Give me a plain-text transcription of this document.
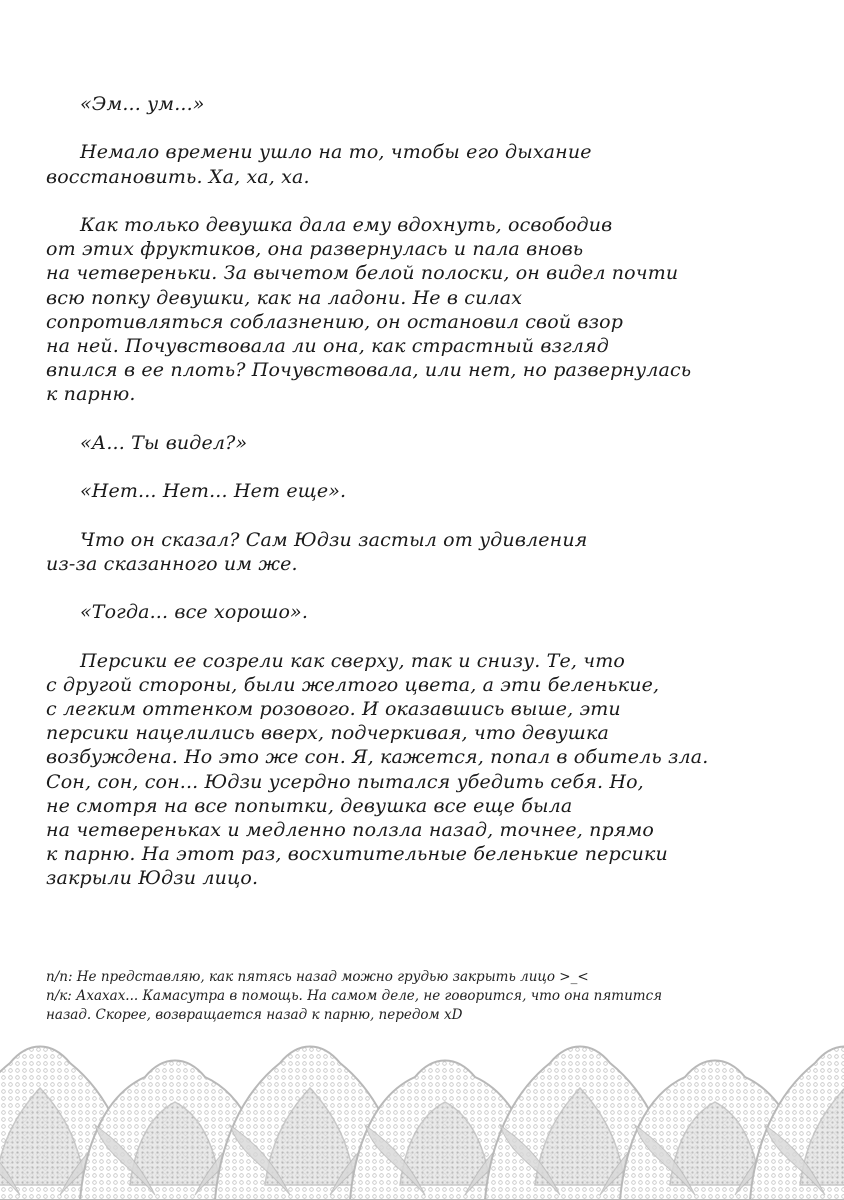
«Эм... ум...»

Немало времени ушло на то, чтобы его дыхание
восстановить. Ха, ха, ха.

Как только девушка дала ему вдохнуть, освободив
от этих фруктиков, она развернулась и пала вновь
на четвереньки. За вычетом белой полоски, он видел почти
всю попку девушки, как на ладони. Не в силах
сопротивляться соблазнению, он остановил свой взор
на ней. Почувствовала ли она, как страстный взгляд
впился в ее плоть? Почувствовала, или нет, но развернулась
к парню.

«А... Ты видел?»

«Нет... Нет... Нет еще».

Что он сказал? Сам Юдзи застыл от удивления
из-за сказанного им же.

«Тогда... все хорошо».

Персики ее созрели как сверху, так и снизу. Те, что
с другой стороны, были желтого цвета, а эти беленькие,
с легким оттенком розового. И оказавшись выше, эти
персики нацелились вверх, подчеркивая, что девушка
возбуждена. Но это же сон. Я, кажется, попал в обитель зла.
Сон, сон, сон... Юдзи усердно пытался убедить себя. Но,
не смотря на все попытки, девушка все еще была
на четвереньках и медленно ползла назад, точнее, прямо
к парню. На этот раз, восхитительные беленькие персики
закрыли Юдзи лицо.

п/п: Не представляю, как пятясь назад можно грудью закрыть лицо >_<

п/к: Ахахах... Камасутра в помощь. На самом деле, не говорится, что она пятится
назад. Скорее, возвращается назад к парню, передом xD
